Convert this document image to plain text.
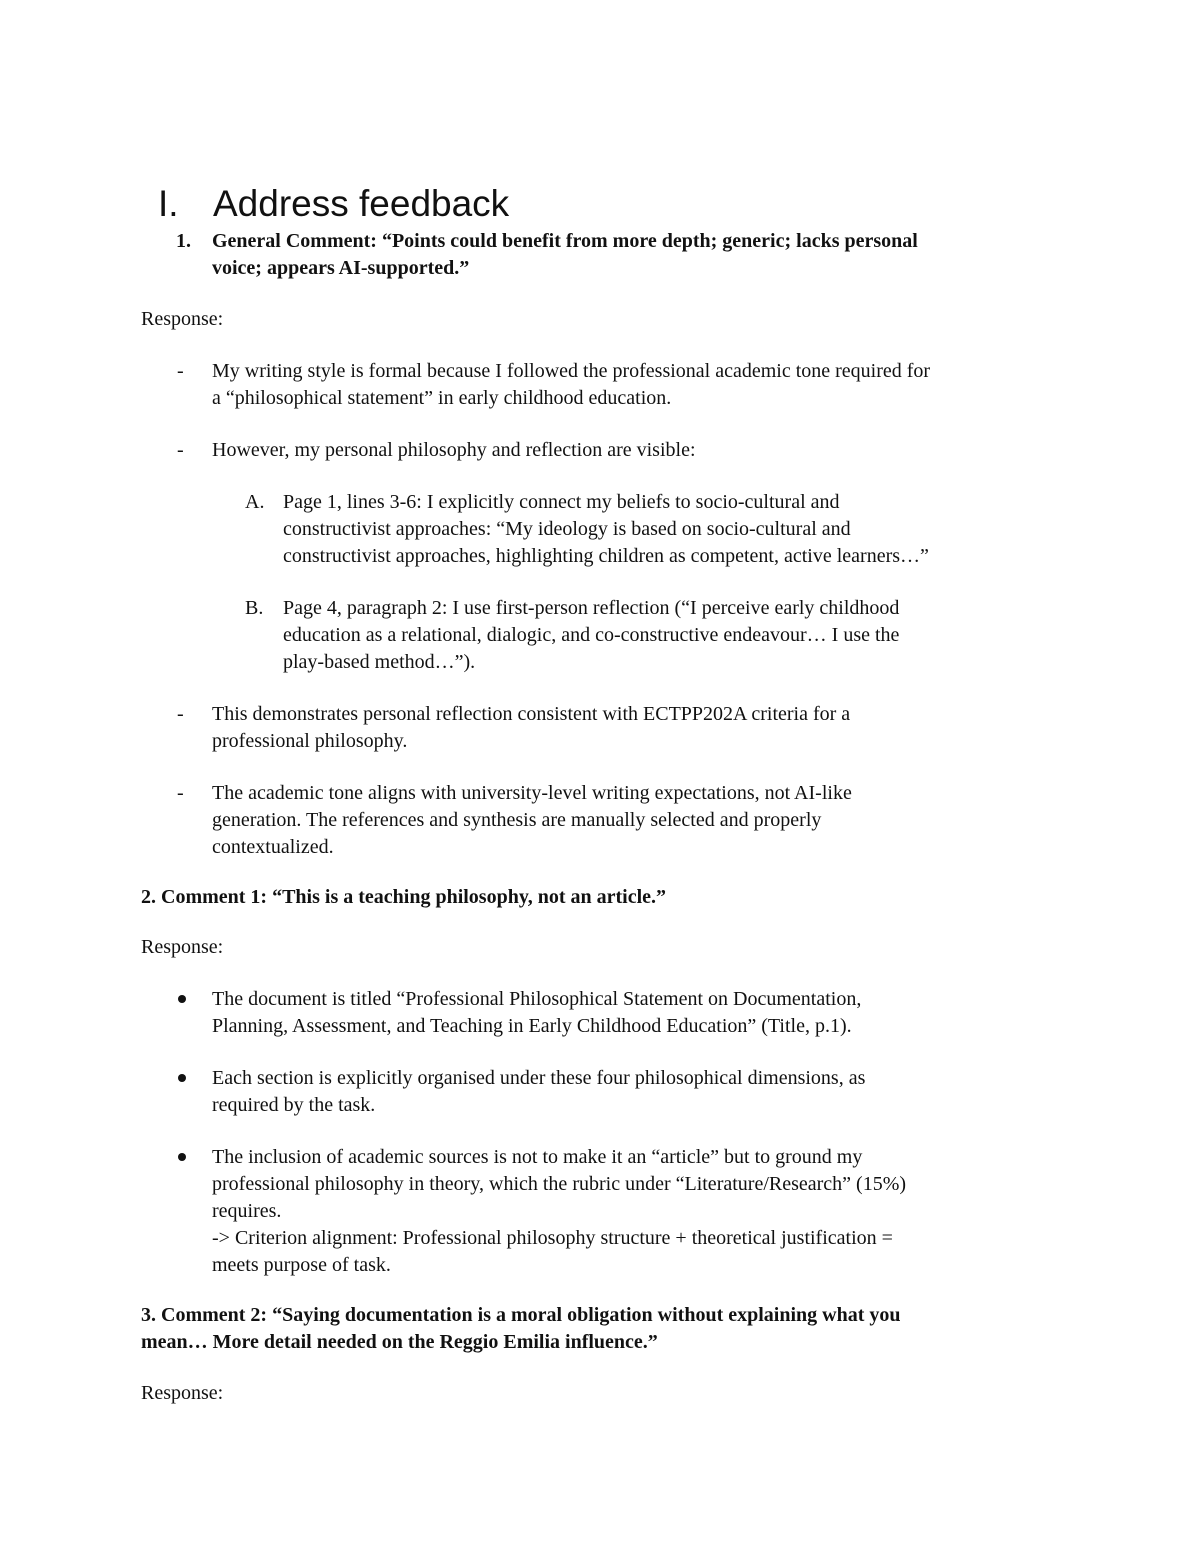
I. Address feedback
1. General Comment: “Points could benefit from more depth; generic; lacks personal
voice; appears AI-supported.”
Response:
- My writing style is formal because I followed the professional academic tone required for
a “philosophical statement” in early childhood education.
- However, my personal philosophy and reflection are visible:
A. Page 1, lines 3-6: I explicitly connect my beliefs to socio-cultural and
constructivist approaches: “My ideology is based on socio-cultural and
constructivist approaches, highlighting children as competent, active learners…”
B. Page 4, paragraph 2: I use first-person reflection (“I perceive early childhood
education as a relational, dialogic, and co-constructive endeavour… I use the
play-based method…”).
- This demonstrates personal reflection consistent with ECTPP202A criteria for a
professional philosophy.
- The academic tone aligns with university-level writing expectations, not AI-like
generation. The references and synthesis are manually selected and properly
contextualized.
2. Comment 1: “This is a teaching philosophy, not an article.”
Response:
The document is titled “Professional Philosophical Statement on Documentation,
Planning, Assessment, and Teaching in Early Childhood Education” (Title, p.1).
Each section is explicitly organised under these four philosophical dimensions, as
required by the task.
The inclusion of academic sources is not to make it an “article” but to ground my
professional philosophy in theory, which the rubric under “Literature/Research” (15%)
requires.
-> Criterion alignment: Professional philosophy structure + theoretical justification =
meets purpose of task.
3. Comment 2: “Saying documentation is a moral obligation without explaining what you
mean… More detail needed on the Reggio Emilia influence.”
Response:
